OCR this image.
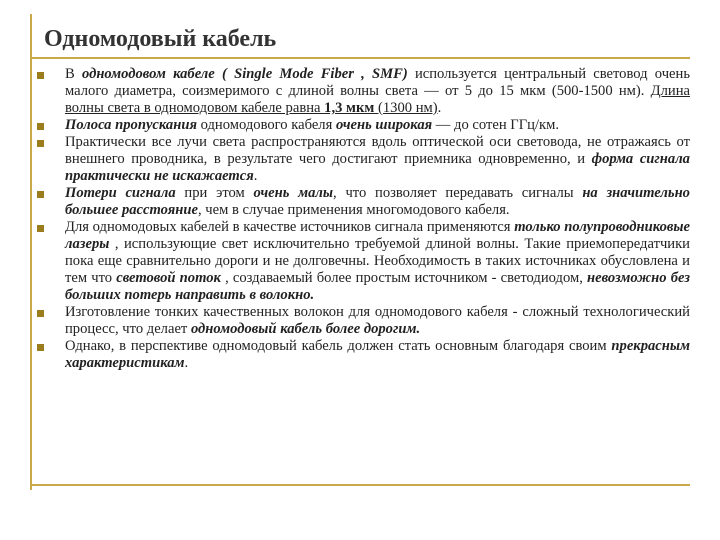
Одномодовый кабель
В одномодовом кабеле ( Single Mode Fiber , SMF) используется центральный световод очень малого диаметра, соизмеримого с длиной волны света — от 5 до 15 мкм (500-1500 нм). Длина волны света в одномодовом кабеле равна 1,3 мкм (1300 нм).
Полоса пропускания одномодового кабеля очень широкая — до сотен ГГц/км.
Практически все лучи света распространяются вдоль оптической оси световода, не отражаясь от внешнего проводника, в результате чего достигают приемника одновременно, и форма сигнала практически не искажается.
Потери сигнала при этом очень малы, что позволяет передавать сигналы на значительно большее расстояние, чем в случае применения многомодового кабеля.
Для одномодовых кабелей в качестве источников сигнала применяются только полупроводниковые лазеры , использующие свет исключительно требуемой длиной волны. Такие приемопередатчики пока еще сравнительно дороги и не долговечны. Необходимость в таких источниках обусловлена и тем что световой поток , создаваемый более простым источником - светодиодом, невозможно без больших потерь направить в волокно.
Изготовление тонких качественных волокон для одномодового кабеля - сложный технологический процесс, что делает одномодовый кабель более дорогим.
Однако, в перспективе одномодовый кабель должен стать основным благодаря своим прекрасным характеристикам.
